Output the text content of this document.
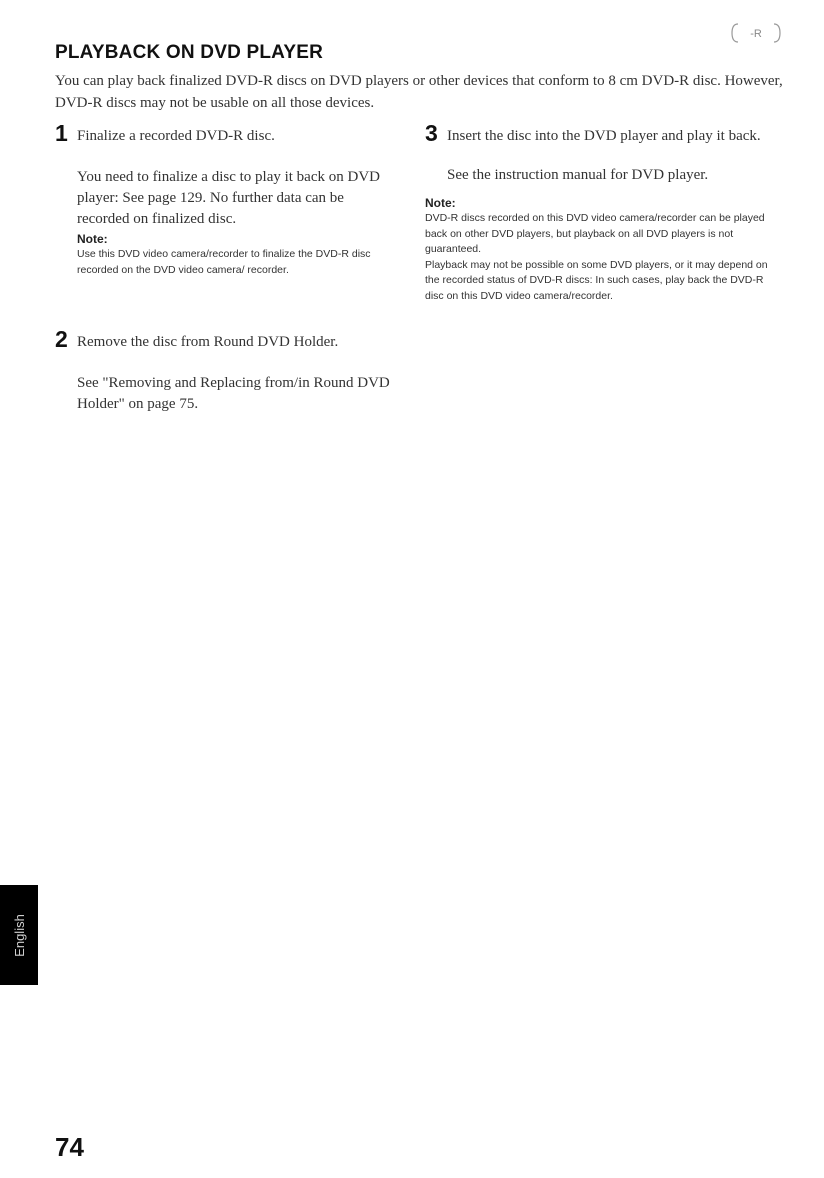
-R
PLAYBACK ON DVD PLAYER

You can play back finalized DVD-R discs on DVD players or other devices that conform to 8 cm DVD-R disc. However, DVD-R discs may not be usable on all those devices.

1 Finalize a recorded DVD-R disc.

You need to finalize a disc to play it back on DVD player: See page 129. No further data can be recorded on finalized disc.

Note:

Use this DVD video camera/recorder to finalize the DVD-R disc recorded on the DVD video camera/ recorder.

2 Remove the disc from Round DVD Holder.

See "Removing and Replacing from/in Round DVD Holder" on page 75.

3 Insert the disc into the DVD player and play it back.

See the instruction manual for DVD player.

Note:

DVD-R discs recorded on this DVD video camera/recorder can be played back on other DVD players, but playback on all DVD players is not guaranteed.

Playback may not be possible on some DVD players, or it may depend on the recorded status of DVD-R discs: In such cases, play back the DVD-R disc on this DVD video camera/recorder.

English

74
